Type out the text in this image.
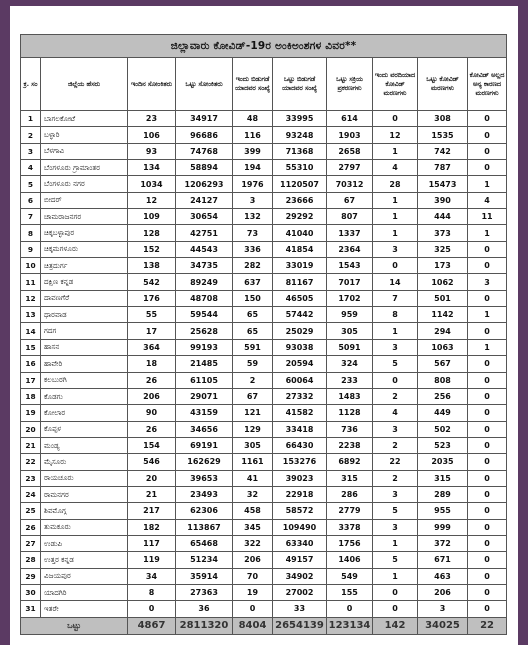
ಜಿಲ್ಲಾವಾರು ಕೋವಿಡ್-19ರ ಅಂಕಿಅಂಶಗಳ ವಿವರ**									
ಕ್ರ. ಸಂ	ಜಿಲ್ಲೆಯ ಹೆಸರು	ಇಂದಿನ ಸೋಂಕಿತರು	ಒಟ್ಟು ಸೋಂಕಿತರು	ಇಂದು ಬಿಡುಗಡೆ ಯಾದವರ ಸಂಖ್ಯೆ	ಒಟ್ಟು ಬಿಡುಗಡೆ ಯಾದವರ ಸಂಖ್ಯೆ	ಒಟ್ಟು ಸಕ್ರಿಯ ಪ್ರಕರಣಗಳು	ಇಂದು ವರದಿಯಾದ ಕೋವಿಡ್ ಮರಣಗಳು	ಒಟ್ಟು ಕೋವಿಡ್ ಮರಣಗಳು	ಕೋವಿಡ್ ಅಲ್ಲದ ಅನ್ಯ ಕಾರಣದ ಮರಣಗಳು
1	ಬಾಗಲಕೋಟೆ	23	34917	48	33995	614	0	308	0
2	ಬಳ್ಳಾರಿ	106	96686	116	93248	1903	12	1535	0
3	ಬೆಳಗಾವಿ	93	74768	399	71368	2658	1	742	0
4	ಬೆಂಗಳೂರು ಗ್ರಾಮಾಂತರ	134	58894	194	55310	2797	4	787	0
5	ಬೆಂಗಳೂರು ನಗರ	1034	1206293	1976	1120507	70312	28	15473	1
6	ಬೀದರ್	12	24127	3	23666	67	1	390	4
7	ಚಾಮರಾಜನಗರ	109	30654	132	29292	807	1	444	11
8	ಚಿಕ್ಕಬಳ್ಳಾಪುರ	128	42751	73	41040	1337	1	373	1
9	ಚಿಕ್ಕಮಗಳೂರು	152	44543	336	41854	2364	3	325	0
10	ಚಿತ್ರದುರ್ಗ	138	34735	282	33019	1543	0	173	0
11	ದಕ್ಷಿಣ ಕನ್ನಡ	542	89249	637	81167	7017	14	1062	3
12	ದಾವಣಗೆರೆ	176	48708	150	46505	1702	7	501	0
13	ಧಾರವಾಡ	55	59544	65	57442	959	8	1142	1
14	ಗದಗ	17	25628	65	25029	305	1	294	0
15	ಹಾಸನ	364	99193	591	93038	5091	3	1063	1
16	ಹಾವೇರಿ	18	21485	59	20594	324	5	567	0
17	ಕಲಬುರಗಿ	26	61105	2	60064	233	0	808	0
18	ಕೊಡಗು	206	29071	67	27332	1483	2	256	0
19	ಕೋಲಾರ	90	43159	121	41582	1128	4	449	0
20	ಕೊಪ್ಪಳ	26	34656	129	33418	736	3	502	0
21	ಮಂಡ್ಯ	154	69191	305	66430	2238	2	523	0
22	ಮೈಸೂರು	546	162629	1161	153276	6892	22	2035	0
23	ರಾಯಚೂರು	20	39653	41	39023	315	2	315	0
24	ರಾಮನಗರ	21	23493	32	22918	286	3	289	0
25	ಶಿವಮೊಗ್ಗ	217	62306	458	58572	2779	5	955	0
26	ತುಮಕೂರು	182	113867	345	109490	3378	3	999	0
27	ಉಡುಪಿ	117	65468	322	63340	1756	1	372	0
28	ಉತ್ತರ ಕನ್ನಡ	119	51234	206	49157	1406	5	671	0
29	ವಿಜಯಪುರ	34	35914	70	34902	549	1	463	0
30	ಯಾದಗಿರಿ	8	27363	19	27002	155	0	206	0
31	ಇತರೇ	0	36	0	33	0	0	3	0
ಒಟ್ಟು		4867	2811320	8404	2654139	123134	142	34025	22
